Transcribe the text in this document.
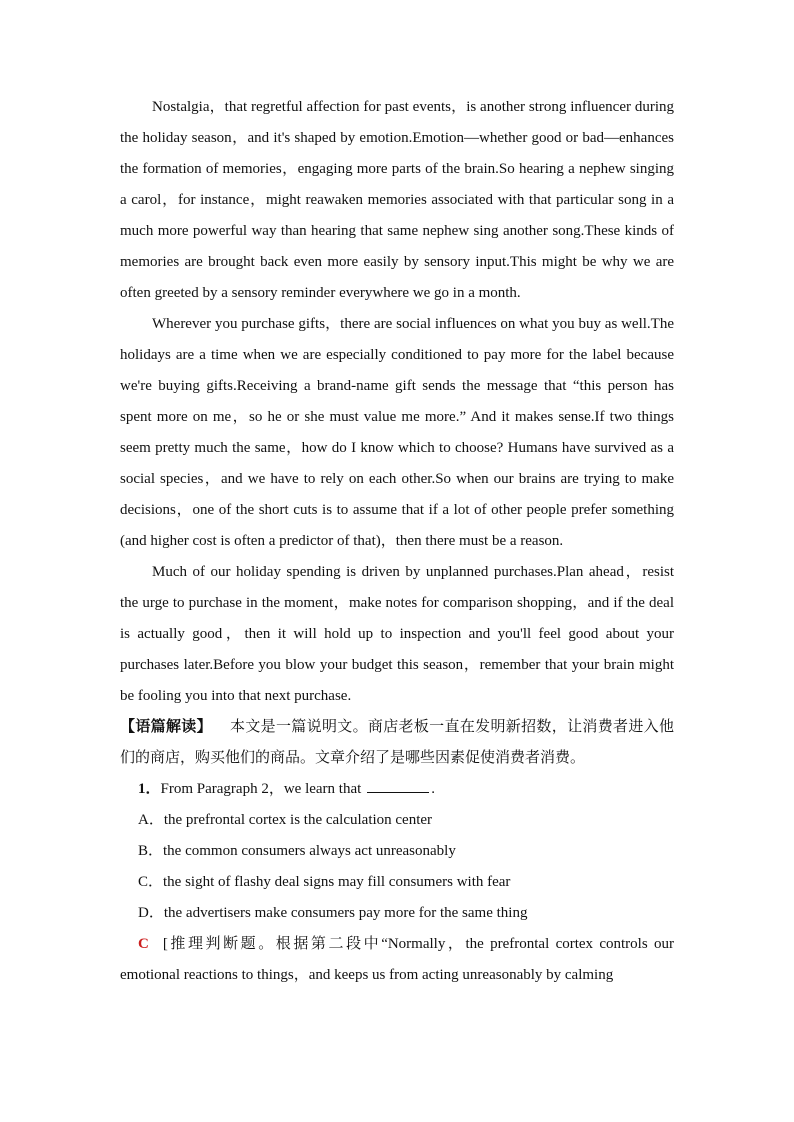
Nostalgia，that regretful affection for past events，is another strong influencer during the holiday season，and it's shaped by emotion.Emotion—whether good or bad—enhances the formation of memories，engaging more parts of the brain.So hearing a nephew singing a carol，for instance，might reawaken memories associated with that particular song in a much more powerful way than hearing that same nephew sing another song.These kinds of memories are brought back even more easily by sensory input.This might be why we are often greeted by a sensory reminder everywhere we go in a month.

Wherever you purchase gifts，there are social influences on what you buy as well.The holidays are a time when we are especially conditioned to pay more for the label because we're buying gifts.Receiving a brand-name gift sends the message that “this person has spent more on me，so he or she must value me more.” And it makes sense.If two things seem pretty much the same，how do I know which to choose? Humans have survived as a social species，and we have to rely on each other.So when our brains are trying to make decisions，one of the short cuts is to assume that if a lot of other people prefer something (and higher cost is often a predictor of that)，then there must be a reason.

Much of our holiday spending is driven by unplanned purchases.Plan ahead，resist the urge to purchase in the moment，make notes for comparison shopping，and if the deal is actually good，then it will hold up to inspection and you'll feel good about your purchases later.Before you blow your budget this season，remember that your brain might be fooling you into that next purchase.

【语篇解读】 本文是一篇说明文。商店老板一直在发明新招数，让消费者进入他们的商店，购买他们的商品。文章介绍了是哪些因素促使消费者消费。

1．From Paragraph 2，we learn that	.

A．the prefrontal cortex is the calculation center

B．the common consumers always act unreasonably

C．the sight of flashy deal signs may fill consumers with fear

D．the advertisers make consumers pay more for the same thing

C [推理判断题。根据第二段中“Normally，the prefrontal cortex controls our emotional reactions to things，and keeps us from acting unreasonably by calming
